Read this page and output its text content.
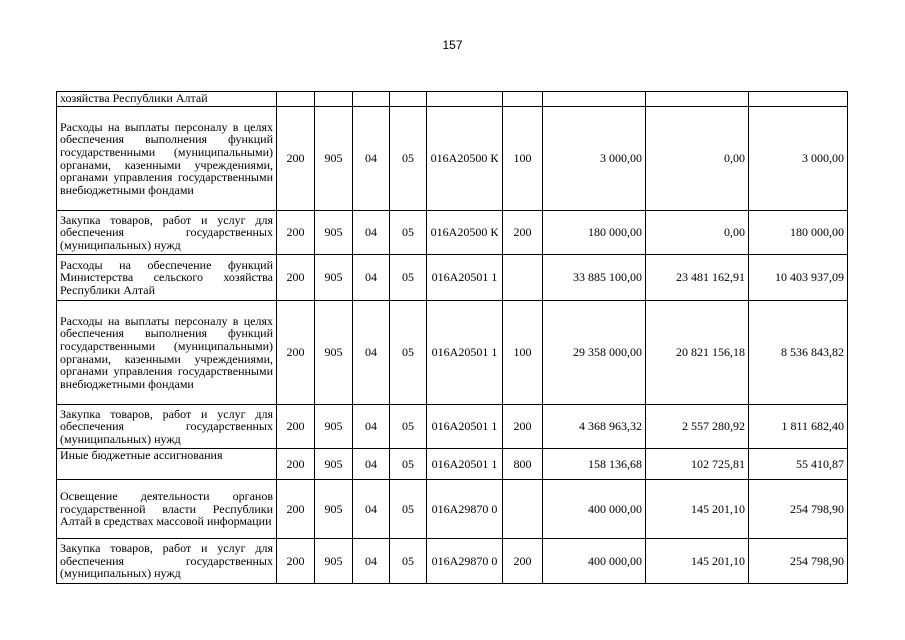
157
хозяйства Республики Алтай									
Расходы на выплаты персоналу в целях обеспечения выполнения функций государственными (муниципальными) органами, казенными учреждениями, органами управления государственными внебюджетными фондами	200	905	04	05	016A20500 К	100	3 000,00	0,00	3 000,00
Закупка товаров, работ и услуг для обеспечения государственных (муниципальных) нужд	200	905	04	05	016A20500 К	200	180 000,00	0,00	180 000,00
Расходы на обеспечение функций Министерства сельского хозяйства Республики Алтай	200	905	04	05	016A20501 1		33 885 100,00	23 481 162,91	10 403 937,09
Расходы на выплаты персоналу в целях обеспечения выполнения функций государственными (муниципальными) органами, казенными учреждениями, органами управления государственными внебюджетными фондами	200	905	04	05	016A20501 1	100	29 358 000,00	20 821 156,18	8 536 843,82
Закупка товаров, работ и услуг для обеспечения государственных (муниципальных) нужд	200	905	04	05	016A20501 1	200	4 368 963,32	2 557 280,92	1 811 682,40
Иные бюджетные ассигнования	200	905	04	05	016A20501 1	800	158 136,68	102 725,81	55 410,87
Освещение деятельности органов государственной власти Республики Алтай в средствах массовой информации	200	905	04	05	016A29870 0		400 000,00	145 201,10	254 798,90
Закупка товаров, работ и услуг для обеспечения государственных (муниципальных) нужд	200	905	04	05	016A29870 0	200	400 000,00	145 201,10	254 798,90
